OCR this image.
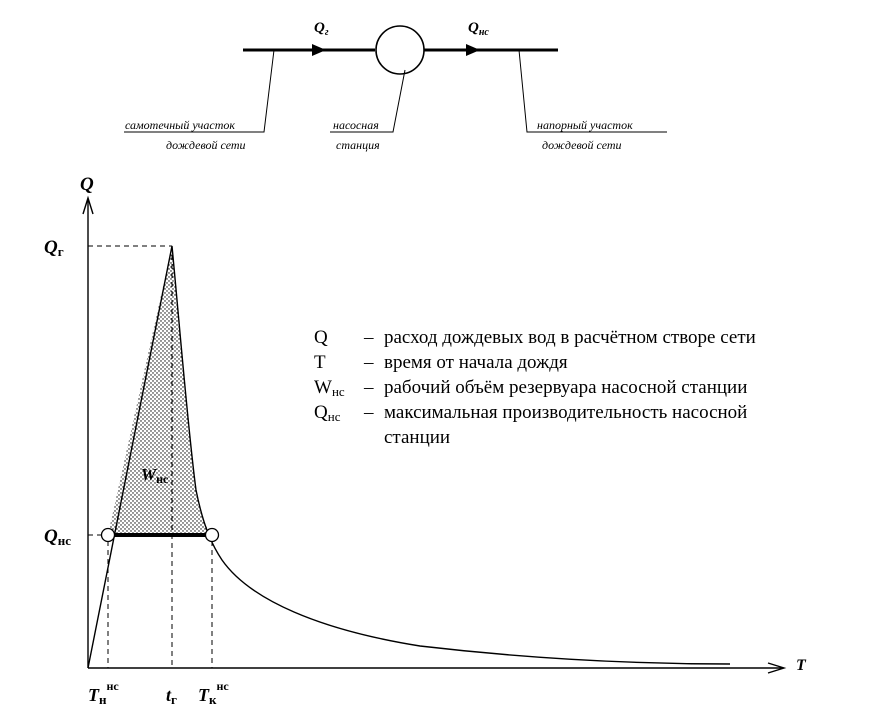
$Q_г$	$Q_{нс}$
самотечный участок
дождевой сети
насосная
станция
напорный участок
дождевой сети
Q
T
Qг
Qнс
Wнс
$Tн^{нс}$	tг $Tк^{нс}$
Q – расход дождевых вод в расчётном створе сети
T – время от начала дождя
Wнс – рабочий объём резервуара насосной станции
Qнс – максимальная производительность насосной
станции
